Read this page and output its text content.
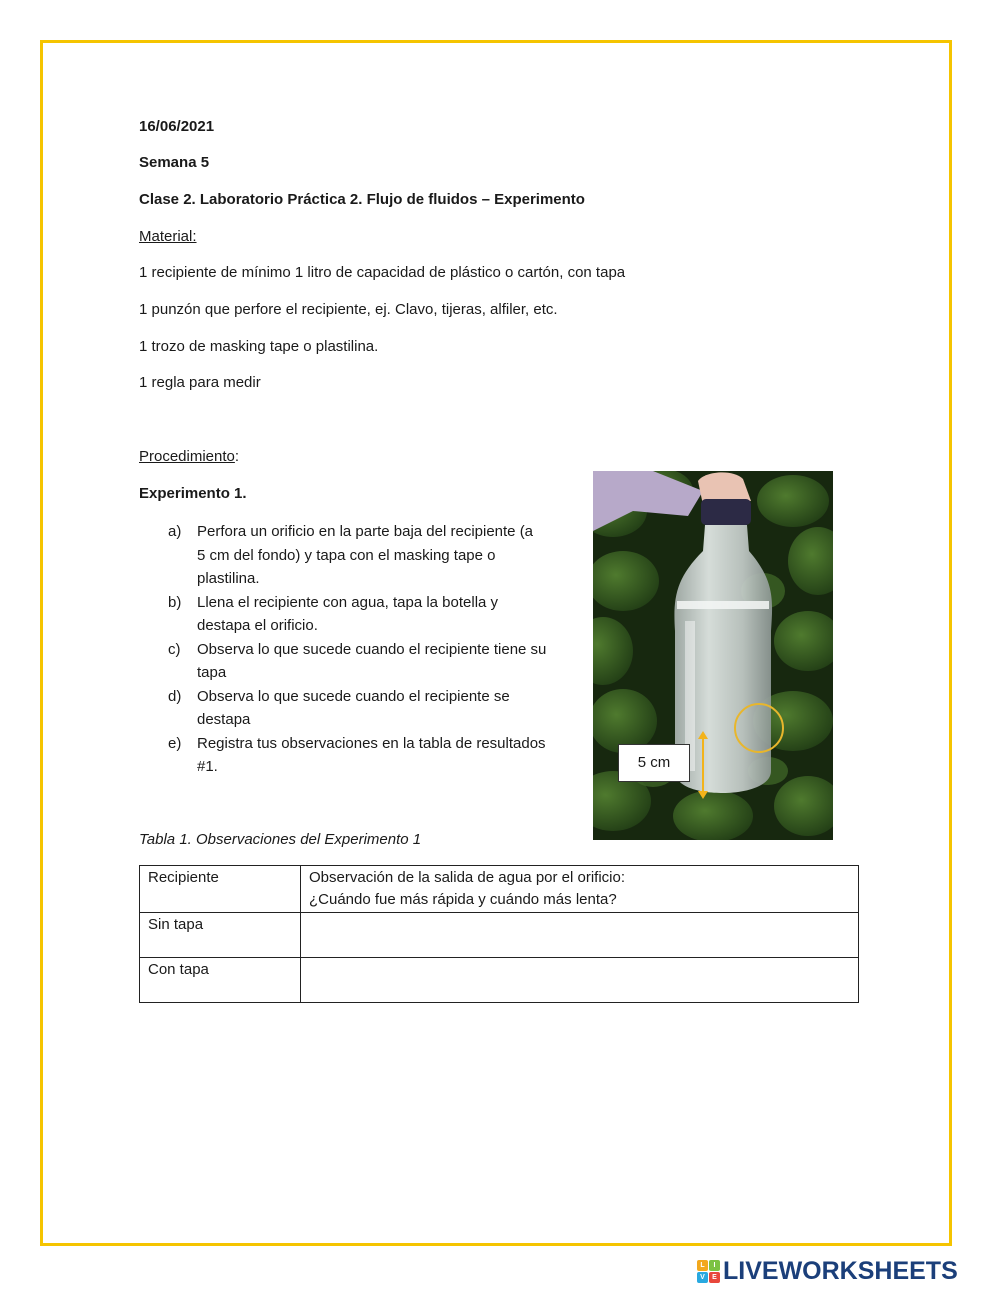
16/06/2021
Semana 5
Clase 2. Laboratorio Práctica 2. Flujo de fluidos – Experimento
Material:
1 recipiente de mínimo 1 litro de capacidad de plástico o cartón, con tapa
1 punzón que perfore el recipiente, ej. Clavo, tijeras, alfiler, etc.
1 trozo de masking tape o plastilina.
1 regla para medir
Procedimiento:
Experimento 1.
a) Perfora un orificio en la parte baja del recipiente (a
5 cm del fondo) y tapa con el masking tape o
plastilina.
b) Llena el recipiente con agua, tapa la botella y
destapa el orificio.
c) Observa lo que sucede cuando el recipiente tiene su
tapa
d) Observa lo que sucede cuando el recipiente se
destapa
e) Registra tus observaciones en la tabla de resultados
#1.	5 cm
Tabla 1. Observaciones del Experimento 1
Recipiente	Observación de la salida de agua por el orificio:
¿Cuándo fue más rápida y cuándo más lenta?
Sin tapa	
Con tapa	
L	I
V	E LIVEWORKSHEETS
